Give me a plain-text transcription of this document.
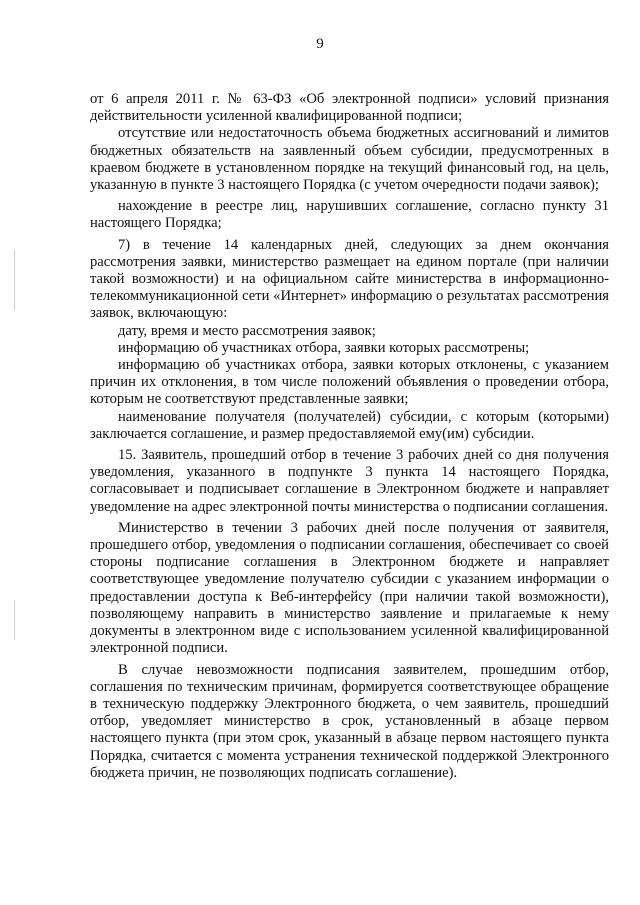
9

от 6 апреля 2011 г. № 63-ФЗ «Об электронной подписи» условий признания действительности усиленной квалифицированной подписи;

отсутствие или недостаточность объема бюджетных ассигнований и лимитов бюджетных обязательств на заявленный объем субсидии, предусмотренных в краевом бюджете в установленном порядке на текущий финансовый год, на цель, указанную в пункте 3 настоящего Порядка (с учетом очередности подачи заявок);

нахождение в реестре лиц, нарушивших соглашение, согласно пункту 31 настоящего Порядка;

7) в течение 14 календарных дней, следующих за днем окончания рассмотрения заявки, министерство размещает на едином портале (при наличии такой возможности) и на официальном сайте министерства в информационно-телекоммуникационной сети «Интернет» информацию о результатах рассмотрения заявок, включающую:

дату, время и место рассмотрения заявок;

информацию об участниках отбора, заявки которых рассмотрены;

информацию об участниках отбора, заявки которых отклонены, с указанием причин их отклонения, в том числе положений объявления о проведении отбора, которым не соответствуют представленные заявки;

наименование получателя (получателей) субсидии, с которым (которыми) заключается соглашение, и размер предоставляемой ему(им) субсидии.

15. Заявитель, прошедший отбор в течение 3 рабочих дней со дня получения уведомления, указанного в подпункте 3 пункта 14 настоящего Порядка, согласовывает и подписывает соглашение в Электронном бюджете и направляет уведомление на адрес электронной почты министерства о подписании соглашения.

Министерство в течении 3 рабочих дней после получения от заявителя, прошедшего отбор, уведомления о подписании соглашения, обеспечивает со своей стороны подписание соглашения в Электронном бюджете и направляет соответствующее уведомление получателю субсидии с указанием информации о предоставлении доступа к Веб-интерфейсу (при наличии такой возможности), позволяющему направить в министерство заявление и прилагаемые к нему документы в электронном виде с использованием усиленной квалифицированной электронной подписи.

В случае невозможности подписания заявителем, прошедшим отбор, соглашения по техническим причинам, формируется соответствующее обращение в техническую поддержку Электронного бюджета, о чем заявитель, прошедший отбор, уведомляет министерство в срок, установленный в абзаце первом настоящего пункта (при этом срок, указанный в абзаце первом настоящего пункта Порядка, считается с момента устранения технической поддержкой Электронного бюджета причин, не позволяющих подписать соглашение).
